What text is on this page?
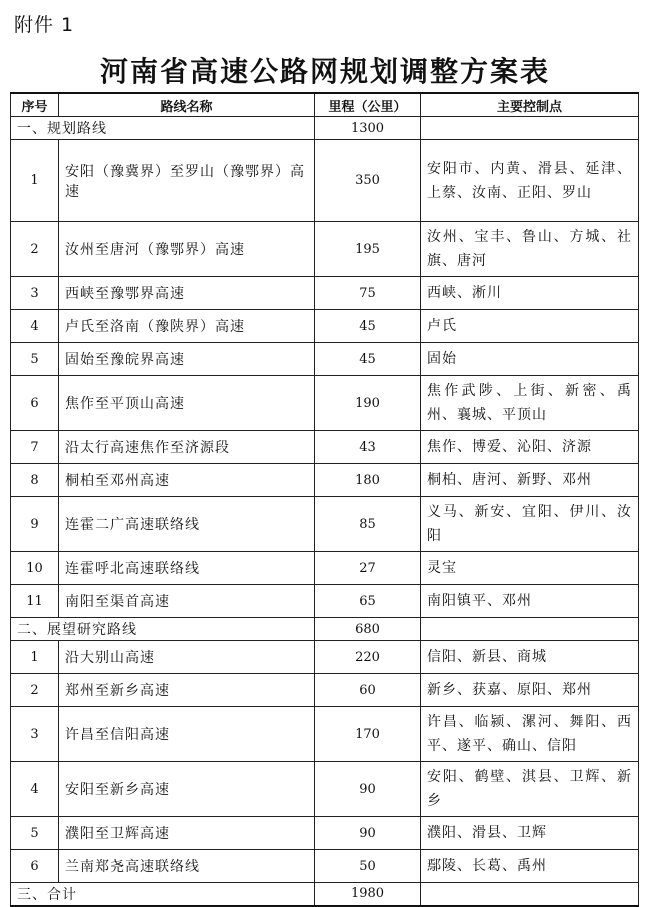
附件 1
河南省高速公路网规划调整方案表
序号	路线名称	里程（公里）	主要控制点
一、规划路线		1300	
1	安阳（豫冀界）至罗山（豫鄂界）高速	350	安阳市、内黄、滑县、延津、上蔡、汝南、正阳、罗山
2	汝州至唐河（豫鄂界）高速	195	汝州、宝丰、鲁山、方城、社旗、唐河
3	西峡至豫鄂界高速	75	西峡、淅川
4	卢氏至洛南（豫陕界）高速	45	卢氏
5	固始至豫皖界高速	45	固始
6	焦作至平顶山高速	190	焦作武陟、上街、新密、禹州、襄城、平顶山
7	沿太行高速焦作至济源段	43	焦作、博爱、沁阳、济源
8	桐柏至邓州高速	180	桐柏、唐河、新野、邓州
9	连霍二广高速联络线	85	义马、新安、宜阳、伊川、汝阳
10	连霍呼北高速联络线	27	灵宝
11	南阳至渠首高速	65	南阳镇平、邓州
二、展望研究路线		680	
1	沿大别山高速	220	信阳、新县、商城
2	郑州至新乡高速	60	新乡、获嘉、原阳、郑州
3	许昌至信阳高速	170	许昌、临颍、漯河、舞阳、西平、遂平、确山、信阳
4	安阳至新乡高速	90	安阳、鹤壁、淇县、卫辉、新乡
5	濮阳至卫辉高速	90	濮阳、滑县、卫辉
6	兰南郑尧高速联络线	50	鄢陵、长葛、禹州
三、合计		1980	
